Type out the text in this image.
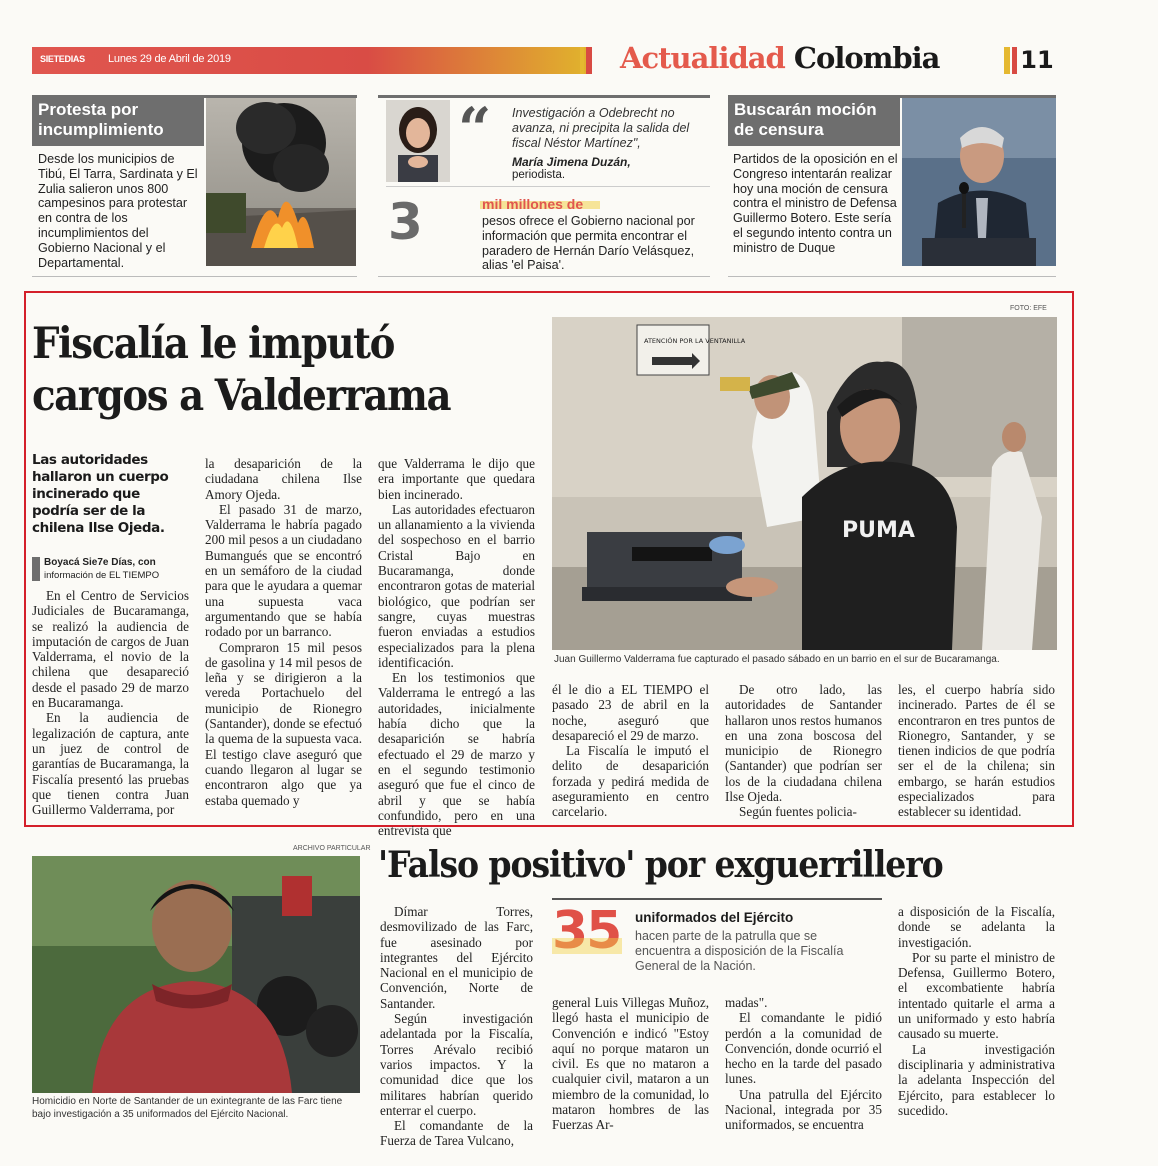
SIETEDIAS Lunes 29 de Abril de 2019	Actualidad Colombia	11
Protesta por incumplimiento
Desde los municipios de Tibú, El Tarra, Sardinata y El Zulia salieron unos 800 campesinos para protestar en contra de los incumplimientos del Gobierno Nacional y el Departamental.
“ Investigación a Odebrecht no avanza, ni precipita la salida del fiscal Néstor Martínez",
María Jimena Duzán,
periodista.
3	mil millones de
pesos ofrece el Gobierno nacional por información que permita encontrar el paradero de Hernán Darío Velásquez, alias 'el Paisa'.
Buscarán moción de censura
Partidos de la oposición en el Congreso intentarán realizar hoy una moción de censura contra el ministro de Defensa Guillermo Botero. Este sería el segundo intento contra un ministro de Duque
Fiscalía le imputó cargos a Valderrama
FOTO: EFE
ATENCIÓN POR LA VENTANILLA
PUMA
Juan Guillermo Valderrama fue capturado el pasado sábado en un barrio en el sur de Bucaramanga.
Las autoridades hallaron un cuerpo incinerado que podría ser de la chilena Ilse Ojeda.
Boyacá Sie7e Días, con
información de EL TIEMPO

En el Centro de Servicios Judiciales de Bucaramanga, se realizó la audiencia de imputación de cargos de Juan Valderrama, el novio de la chilena que desapareció desde el pasado 29 de marzo en Bucaramanga.

En la audiencia de legalización de captura, ante un juez de control de garantías de Bucaramanga, la Fiscalía presentó las pruebas que tienen contra Juan Guillermo Valderrama, por

la desaparición de la ciudadana chilena Ilse Amory Ojeda.

El pasado 31 de marzo, Valderrama le habría pagado 200 mil pesos a un ciudadano Bumangués que se encontró en un semáforo de la ciudad para que le ayudara a quemar una supuesta vaca argumentando que se había rodado por un barranco.

Compraron 15 mil pesos de gasolina y 14 mil pesos de leña y se dirigieron a la vereda Portachuelo del municipio de Rionegro (Santander), donde se efectuó la quema de la supuesta vaca. El testigo clave aseguró que cuando llegaron al lugar se encontraron algo que ya estaba quemado y

que Valderrama le dijo que era importante que quedara bien incinerado.

Las autoridades efectuaron un allanamiento a la vivienda del sospechoso en el barrio Cristal Bajo en Bucaramanga, donde encontraron gotas de material biológico, que podrían ser sangre, cuyas muestras fueron enviadas a estudios especializados para la plena identificación.

En los testimonios que Valderrama le entregó a las autoridades, inicialmente había dicho que la desaparición se habría efectuado el 29 de marzo y en el segundo testimonio aseguró que fue el cinco de abril y que se había confundido, pero en una entrevista que

él le dio a EL TIEMPO el pasado 23 de abril en la noche, aseguró que desapareció el 29 de marzo.

La Fiscalía le imputó el delito de desaparición forzada y pedirá medida de aseguramiento en centro carcelario.

De otro lado, las autoridades de Santander hallaron unos restos humanos en una zona boscosa del municipio de Rionegro (Santander) que podrían ser los de la ciudadana chilena Ilse Ojeda.

Según fuentes policia-

les, el cuerpo habría sido incinerado. Partes de él se encontraron en tres puntos de Rionegro, Santander, y se tienen indicios de que podría ser el de la chilena; sin embargo, se harán estudios especializados para establecer su identidad.

ARCHIVO PARTICULAR
Homicidio en Norte de Santander de un exintegrante de las Farc tiene bajo investigación a 35 uniformados del Ejército Nacional.
'Falso positivo' por exguerrillero

Dímar Torres, desmovilizado de las Farc, fue asesinado por integrantes del Ejército Nacional en el municipio de Convención, Norte de Santander.

Según investigación adelantada por la Fiscalía, Torres Arévalo recibió varios impactos. Y la comunidad dice que los militares habrían querido enterrar el cuerpo.

El comandante de la Fuerza de Tarea Vulcano,

35 uniformados del Ejército
hacen parte de la patrulla que se encuentra a disposición de la Fiscalía General de la Nación.

general Luis Villegas Muñoz, llegó hasta el municipio de Convención e indicó "Estoy aquí no porque mataron un civil. Es que no mataron a cualquier civil, mataron a un miembro de la comunidad, lo mataron hombres de las Fuerzas Ar-

madas".

El comandante le pidió perdón a la comunidad de Convención, donde ocurrió el hecho en la tarde del pasado lunes.

Una patrulla del Ejército Nacional, integrada por 35 uniformados, se encuentra

a disposición de la Fiscalía, donde se adelanta la investigación.

Por su parte el ministro de Defensa, Guillermo Botero, el excombatiente habría intentado quitarle el arma a un uniformado y esto habría causado su muerte.

La investigación disciplinaria y administrativa la adelanta Inspección del Ejército, para establecer lo sucedido.
